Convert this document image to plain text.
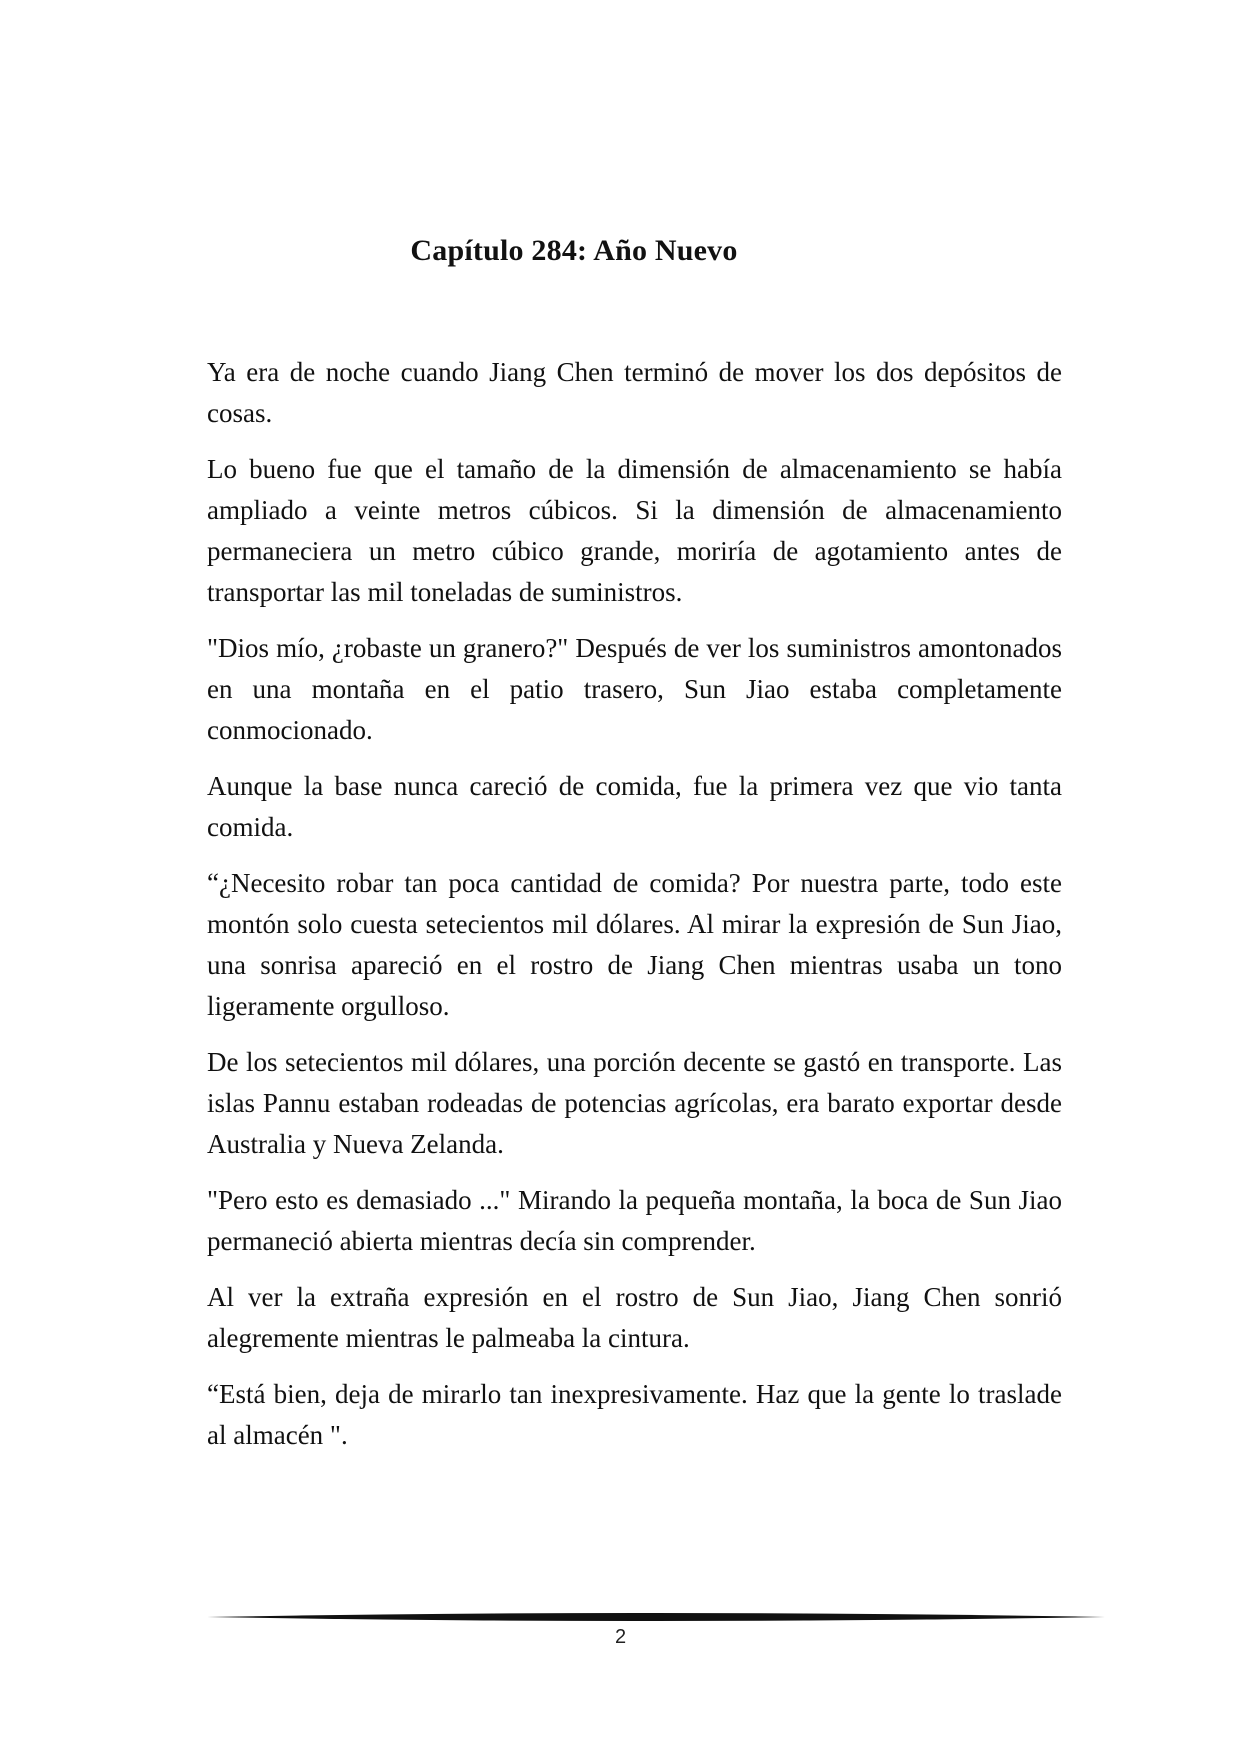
Capítulo 284: Año Nuevo

Ya era de noche cuando Jiang Chen terminó de mover los dos depósitos de cosas.

Lo bueno fue que el tamaño de la dimensión de almacenamiento se había ampliado a veinte metros cúbicos. Si la dimensión de almacenamiento permaneciera un metro cúbico grande, moriría de agotamiento antes de transportar las mil toneladas de suministros.

"Dios mío, ¿robaste un granero?" Después de ver los suministros amontonados en una montaña en el patio trasero, Sun Jiao estaba completamente conmocionado.

Aunque la base nunca careció de comida, fue la primera vez que vio tanta comida.

“¿Necesito robar tan poca cantidad de comida? Por nuestra parte, todo este montón solo cuesta setecientos mil dólares. Al mirar la expresión de Sun Jiao, una sonrisa apareció en el rostro de Jiang Chen mientras usaba un tono ligeramente orgulloso.

De los setecientos mil dólares, una porción decente se gastó en transporte. Las islas Pannu estaban rodeadas de potencias agrícolas, era barato exportar desde Australia y Nueva Zelanda.

"Pero esto es demasiado ..." Mirando la pequeña montaña, la boca de Sun Jiao permaneció abierta mientras decía sin comprender.

Al ver la extraña expresión en el rostro de Sun Jiao, Jiang Chen sonrió alegremente mientras le palmeaba la cintura.

“Está bien, deja de mirarlo tan inexpresivamente. Haz que la gente lo traslade al almacén ".

2
